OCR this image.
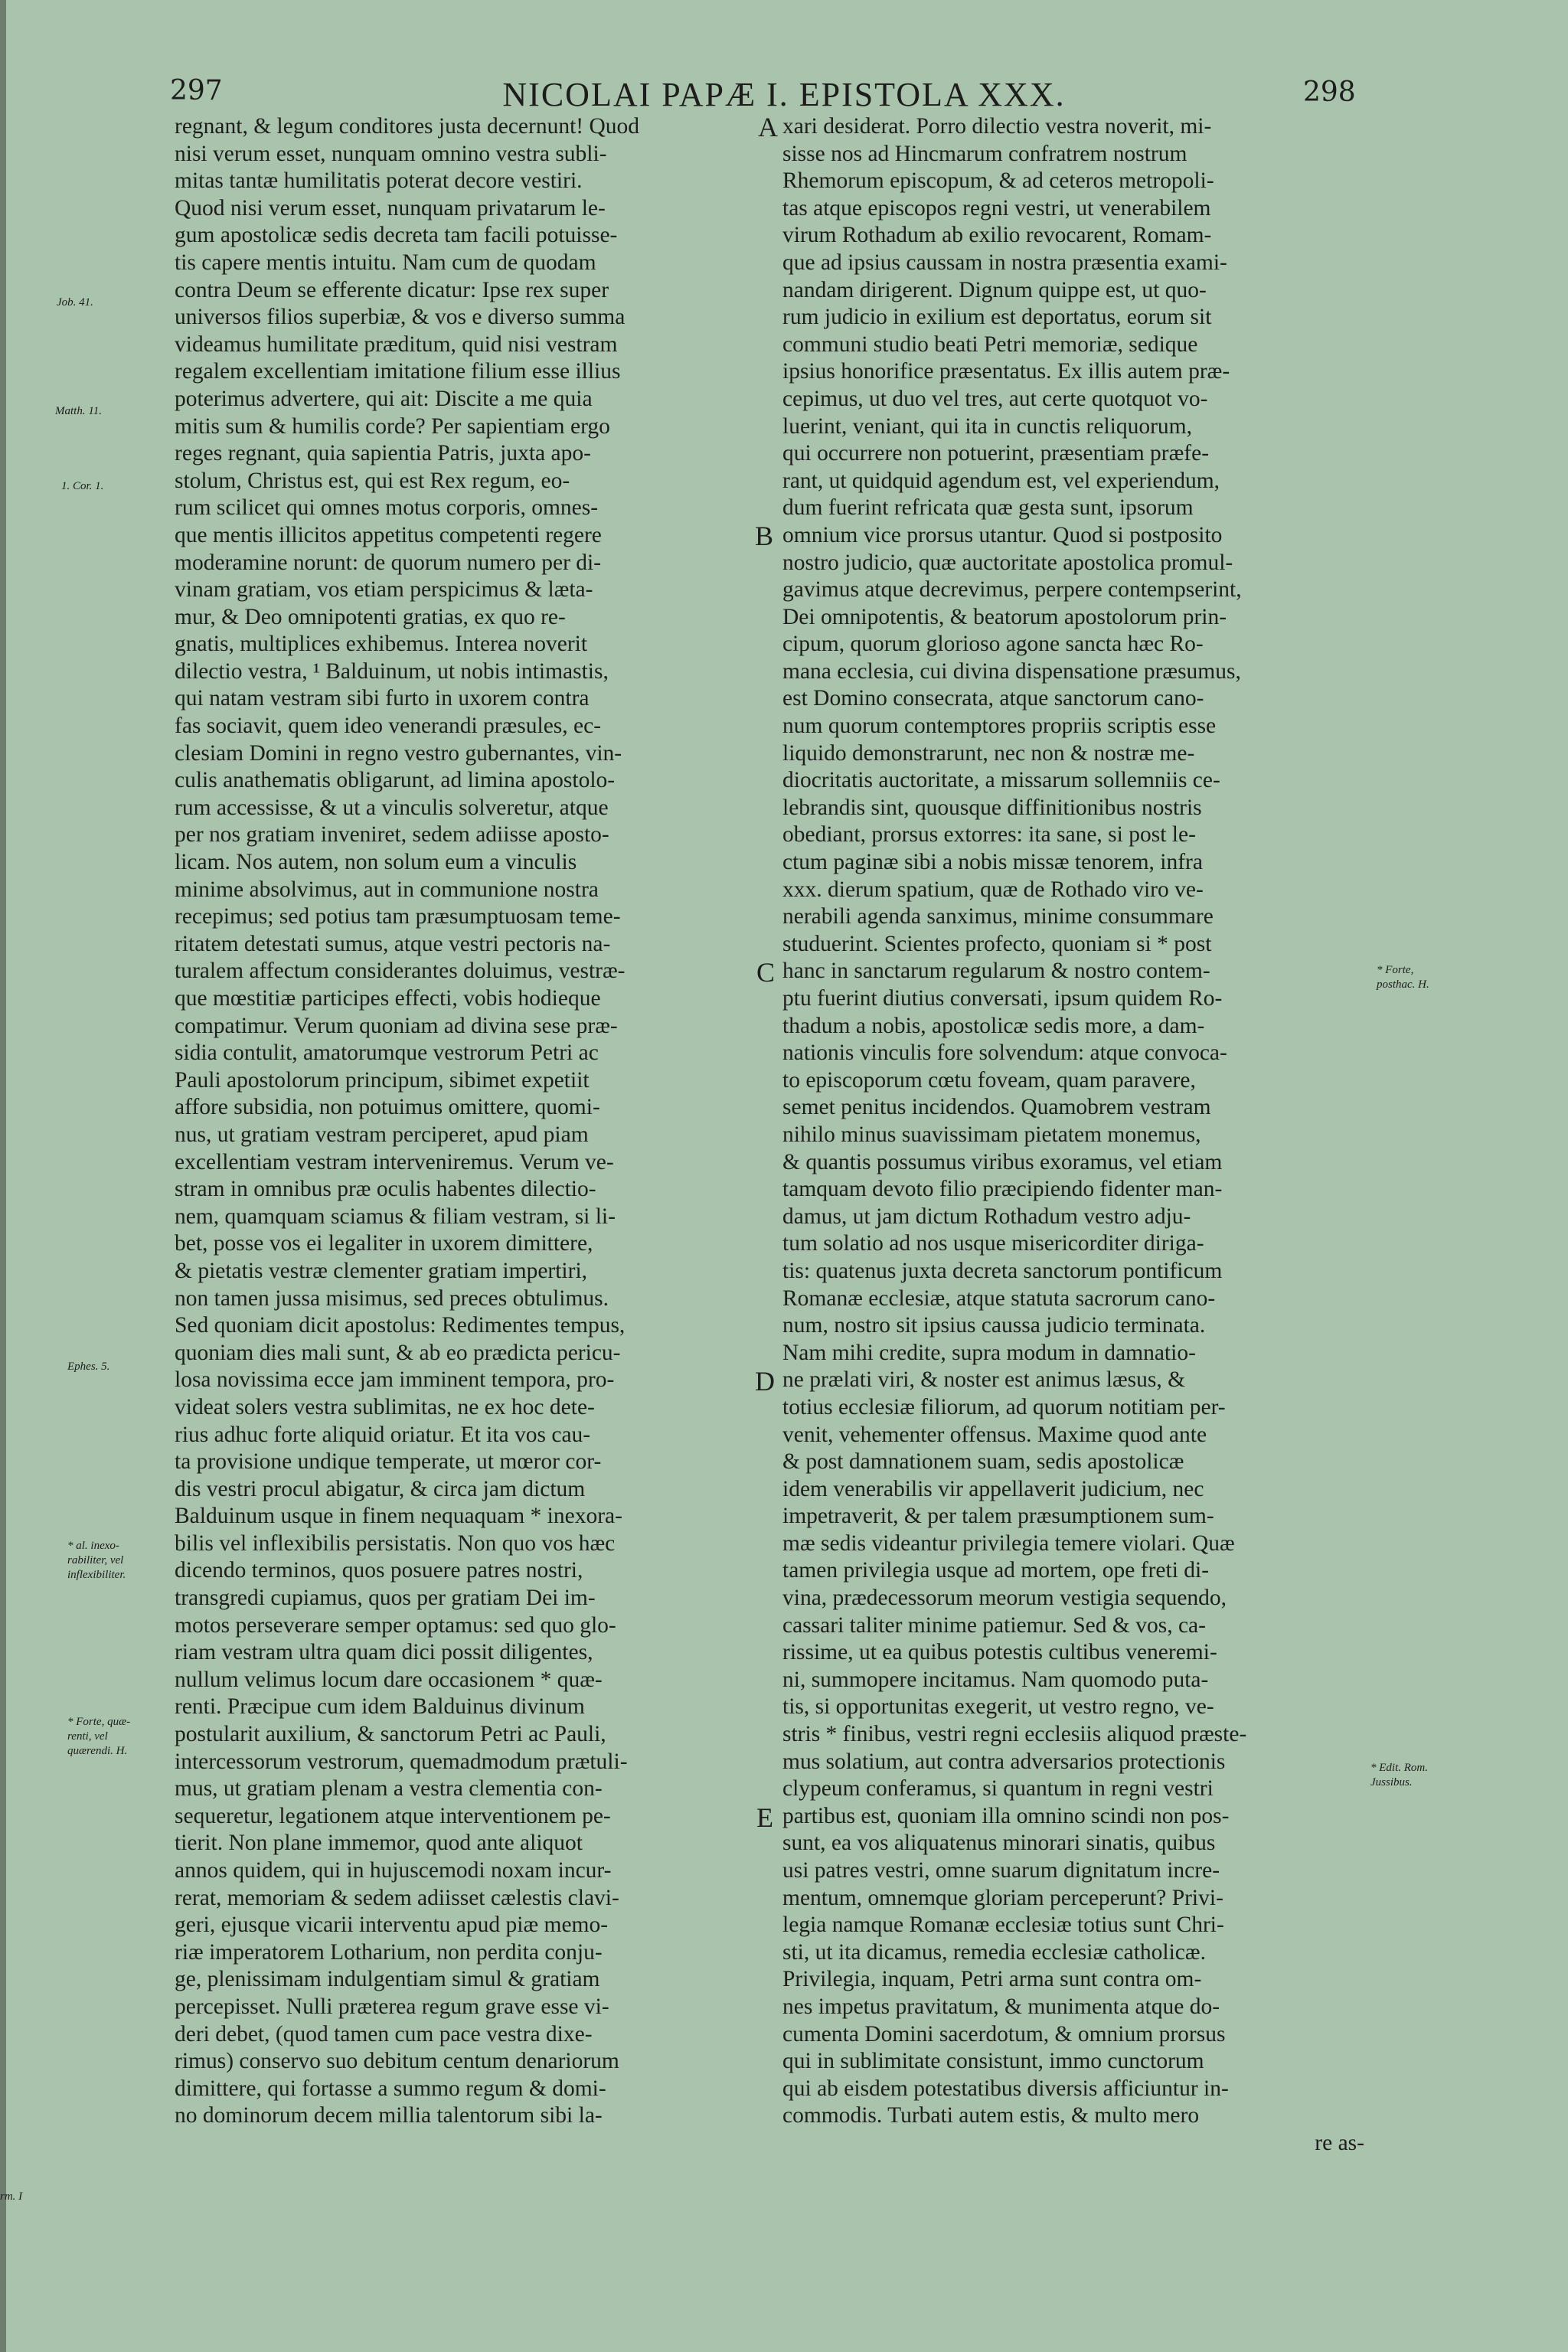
297	NICOLAI PAPÆ I. EPISTOLA XXX.	298
regnant, & legum conditores justa decernunt! Quod
nisi verum esset, nunquam omnino vestra subli-
mitas tantæ humilitatis poterat decore vestiri.
Quod nisi verum esset, nunquam privatarum le-
gum apostolicæ sedis decreta tam facili potuisse-
tis capere mentis intuitu. Nam cum de quodam
contra Deum se efferente dicatur: Ipse rex super
universos filios superbiæ, & vos e diverso summa
videamus humilitate præditum, quid nisi vestram
regalem excellentiam imitatione filium esse illius
poterimus advertere, qui ait: Discite a me quia
mitis sum & humilis corde? Per sapientiam ergo
reges regnant, quia sapientia Patris, juxta apo-
stolum, Christus est, qui est Rex regum, eo-
rum scilicet qui omnes motus corporis, omnes-
que mentis illicitos appetitus competenti regere
moderamine norunt: de quorum numero per di-
vinam gratiam, vos etiam perspicimus & læta-
mur, & Deo omnipotenti gratias, ex quo re-
gnatis, multiplices exhibemus. Interea noverit
dilectio vestra, ¹ Balduinum, ut nobis intimastis,
qui natam vestram sibi furto in uxorem contra
fas sociavit, quem ideo venerandi præsules, ec-
clesiam Domini in regno vestro gubernantes, vin-
culis anathematis obligarunt, ad limina apostolo-
rum accessisse, & ut a vinculis solveretur, atque
per nos gratiam inveniret, sedem adiisse aposto-
licam. Nos autem, non solum eum a vinculis
minime absolvimus, aut in communione nostra
recepimus; sed potius tam præsumptuosam teme-
ritatem detestati sumus, atque vestri pectoris na-
turalem affectum considerantes doluimus, vestræ-
que mœstitiæ participes effecti, vobis hodieque
compatimur. Verum quoniam ad divina sese præ-
sidia contulit, amatorumque vestrorum Petri ac
Pauli apostolorum principum, sibimet expetiit
affore subsidia, non potuimus omittere, quomi-
nus, ut gratiam vestram perciperet, apud piam
excellentiam vestram interveniremus. Verum ve-
stram in omnibus præ oculis habentes dilectio-
nem, quamquam sciamus & filiam vestram, si li-
bet, posse vos ei legaliter in uxorem dimittere,
& pietatis vestræ clementer gratiam impertiri,
non tamen jussa misimus, sed preces obtulimus.
Sed quoniam dicit apostolus: Redimentes tempus,
quoniam dies mali sunt, & ab eo prædicta pericu-
losa novissima ecce jam imminent tempora, pro-
videat solers vestra sublimitas, ne ex hoc dete-
rius adhuc forte aliquid oriatur. Et ita vos cau-
ta provisione undique temperate, ut mœror cor-
dis vestri procul abigatur, & circa jam dictum
Balduinum usque in finem nequaquam * inexora-
bilis vel inflexibilis persistatis. Non quo vos hæc
dicendo terminos, quos posuere patres nostri,
transgredi cupiamus, quos per gratiam Dei im-
motos perseverare semper optamus: sed quo glo-
riam vestram ultra quam dici possit diligentes,
nullum velimus locum dare occasionem * quæ-
renti. Præcipue cum idem Balduinus divinum
postularit auxilium, & sanctorum Petri ac Pauli,
intercessorum vestrorum, quemadmodum prætuli-
mus, ut gratiam plenam a vestra clementia con-
sequeretur, legationem atque interventionem pe-
tierit. Non plane immemor, quod ante aliquot
annos quidem, qui in hujuscemodi noxam incur-
rerat, memoriam & sedem adiisset cælestis clavi-
geri, ejusque vicarii interventu apud piæ memo-
riæ imperatorem Lotharium, non perdita conju-
ge, plenissimam indulgentiam simul & gratiam
percepisset. Nulli præterea regum grave esse vi-
deri debet, (quod tamen cum pace vestra dixe-
rimus) conservo suo debitum centum denariorum
dimittere, qui fortasse a summo regum & domi-
no dominorum decem millia talentorum sibi la-
xari desiderat. Porro dilectio vestra noverit, mi-
sisse nos ad Hincmarum confratrem nostrum
Rhemorum episcopum, & ad ceteros metropoli-
tas atque episcopos regni vestri, ut venerabilem
virum Rothadum ab exilio revocarent, Romam-
que ad ipsius caussam in nostra præsentia exami-
nandam dirigerent. Dignum quippe est, ut quo-
rum judicio in exilium est deportatus, eorum sit
communi studio beati Petri memoriæ, sedique
ipsius honorifice præsentatus. Ex illis autem præ-
cepimus, ut duo vel tres, aut certe quotquot vo-
luerint, veniant, qui ita in cunctis reliquorum,
qui occurrere non potuerint, præsentiam præfe-
rant, ut quidquid agendum est, vel experiendum,
dum fuerint refricata quæ gesta sunt, ipsorum
omnium vice prorsus utantur. Quod si postposito
nostro judicio, quæ auctoritate apostolica promul-
gavimus atque decrevimus, perpere contempserint,
Dei omnipotentis, & beatorum apostolorum prin-
cipum, quorum glorioso agone sancta hæc Ro-
mana ecclesia, cui divina dispensatione præsumus,
est Domino consecrata, atque sanctorum cano-
num quorum contemptores propriis scriptis esse
liquido demonstrarunt, nec non & nostræ me-
diocritatis auctoritate, a missarum sollemniis ce-
lebrandis sint, quousque diffinitionibus nostris
obediant, prorsus extorres: ita sane, si post le-
ctum paginæ sibi a nobis missæ tenorem, infra
xxx. dierum spatium, quæ de Rothado viro ve-
nerabili agenda sanximus, minime consummare
studuerint. Scientes profecto, quoniam si * post
hanc in sanctarum regularum & nostro contem-
ptu fuerint diutius conversati, ipsum quidem Ro-
thadum a nobis, apostolicæ sedis more, a dam-
nationis vinculis fore solvendum: atque convoca-
to episcoporum cœtu foveam, quam paravere,
semet penitus incidendos. Quamobrem vestram
nihilo minus suavissimam pietatem monemus,
& quantis possumus viribus exoramus, vel etiam
tamquam devoto filio præcipiendo fidenter man-
damus, ut jam dictum Rothadum vestro adju-
tum solatio ad nos usque misericorditer diriga-
tis: quatenus juxta decreta sanctorum pontificum
Romanæ ecclesiæ, atque statuta sacrorum cano-
num, nostro sit ipsius caussa judicio terminata.
Nam mihi credite, supra modum in damnatio-
ne prælati viri, & noster est animus læsus, &
totius ecclesiæ filiorum, ad quorum notitiam per-
venit, vehementer offensus. Maxime quod ante
& post damnationem suam, sedis apostolicæ
idem venerabilis vir appellaverit judicium, nec
impetraverit, & per talem præsumptionem sum-
mæ sedis videantur privilegia temere violari. Quæ
tamen privilegia usque ad mortem, ope freti di-
vina, prædecessorum meorum vestigia sequendo,
cassari taliter minime patiemur. Sed & vos, ca-
rissime, ut ea quibus potestis cultibus veneremi-
ni, summopere incitamus. Nam quomodo puta-
tis, si opportunitas exegerit, ut vestro regno, ve-
stris * finibus, vestri regni ecclesiis aliquod præste-
mus solatium, aut contra adversarios protectionis
clypeum conferamus, si quantum in regni vestri
partibus est, quoniam illa omnino scindi non pos-
sunt, ea vos aliquatenus minorari sinatis, quibus
usi patres vestri, omne suarum dignitatum incre-
mentum, omnemque gloriam perceperunt? Privi-
legia namque Romanæ ecclesiæ totius sunt Chri-
sti, ut ita dicamus, remedia ecclesiæ catholicæ.
Privilegia, inquam, Petri arma sunt contra om-
nes impetus pravitatum, & munimenta atque do-
cumenta Domini sacerdotum, & omnium prorsus
qui in sublimitate consistunt, immo cunctorum
qui ab eisdem potestatibus diversis afficiuntur in-
commodis. Turbati autem estis, & multo mero
re as-
A
B
C
D
E
Job. 41.
Matth. 11.
1. Cor. 1.
Ephes. 5.
* al. inexo-
rabiliter, vel
inflexibiliter.
* Forte, quæ-
renti, vel
quærendi. H.
rm. I
* Forte,
posthac. H.
* Edit. Rom.
Jussibus.
